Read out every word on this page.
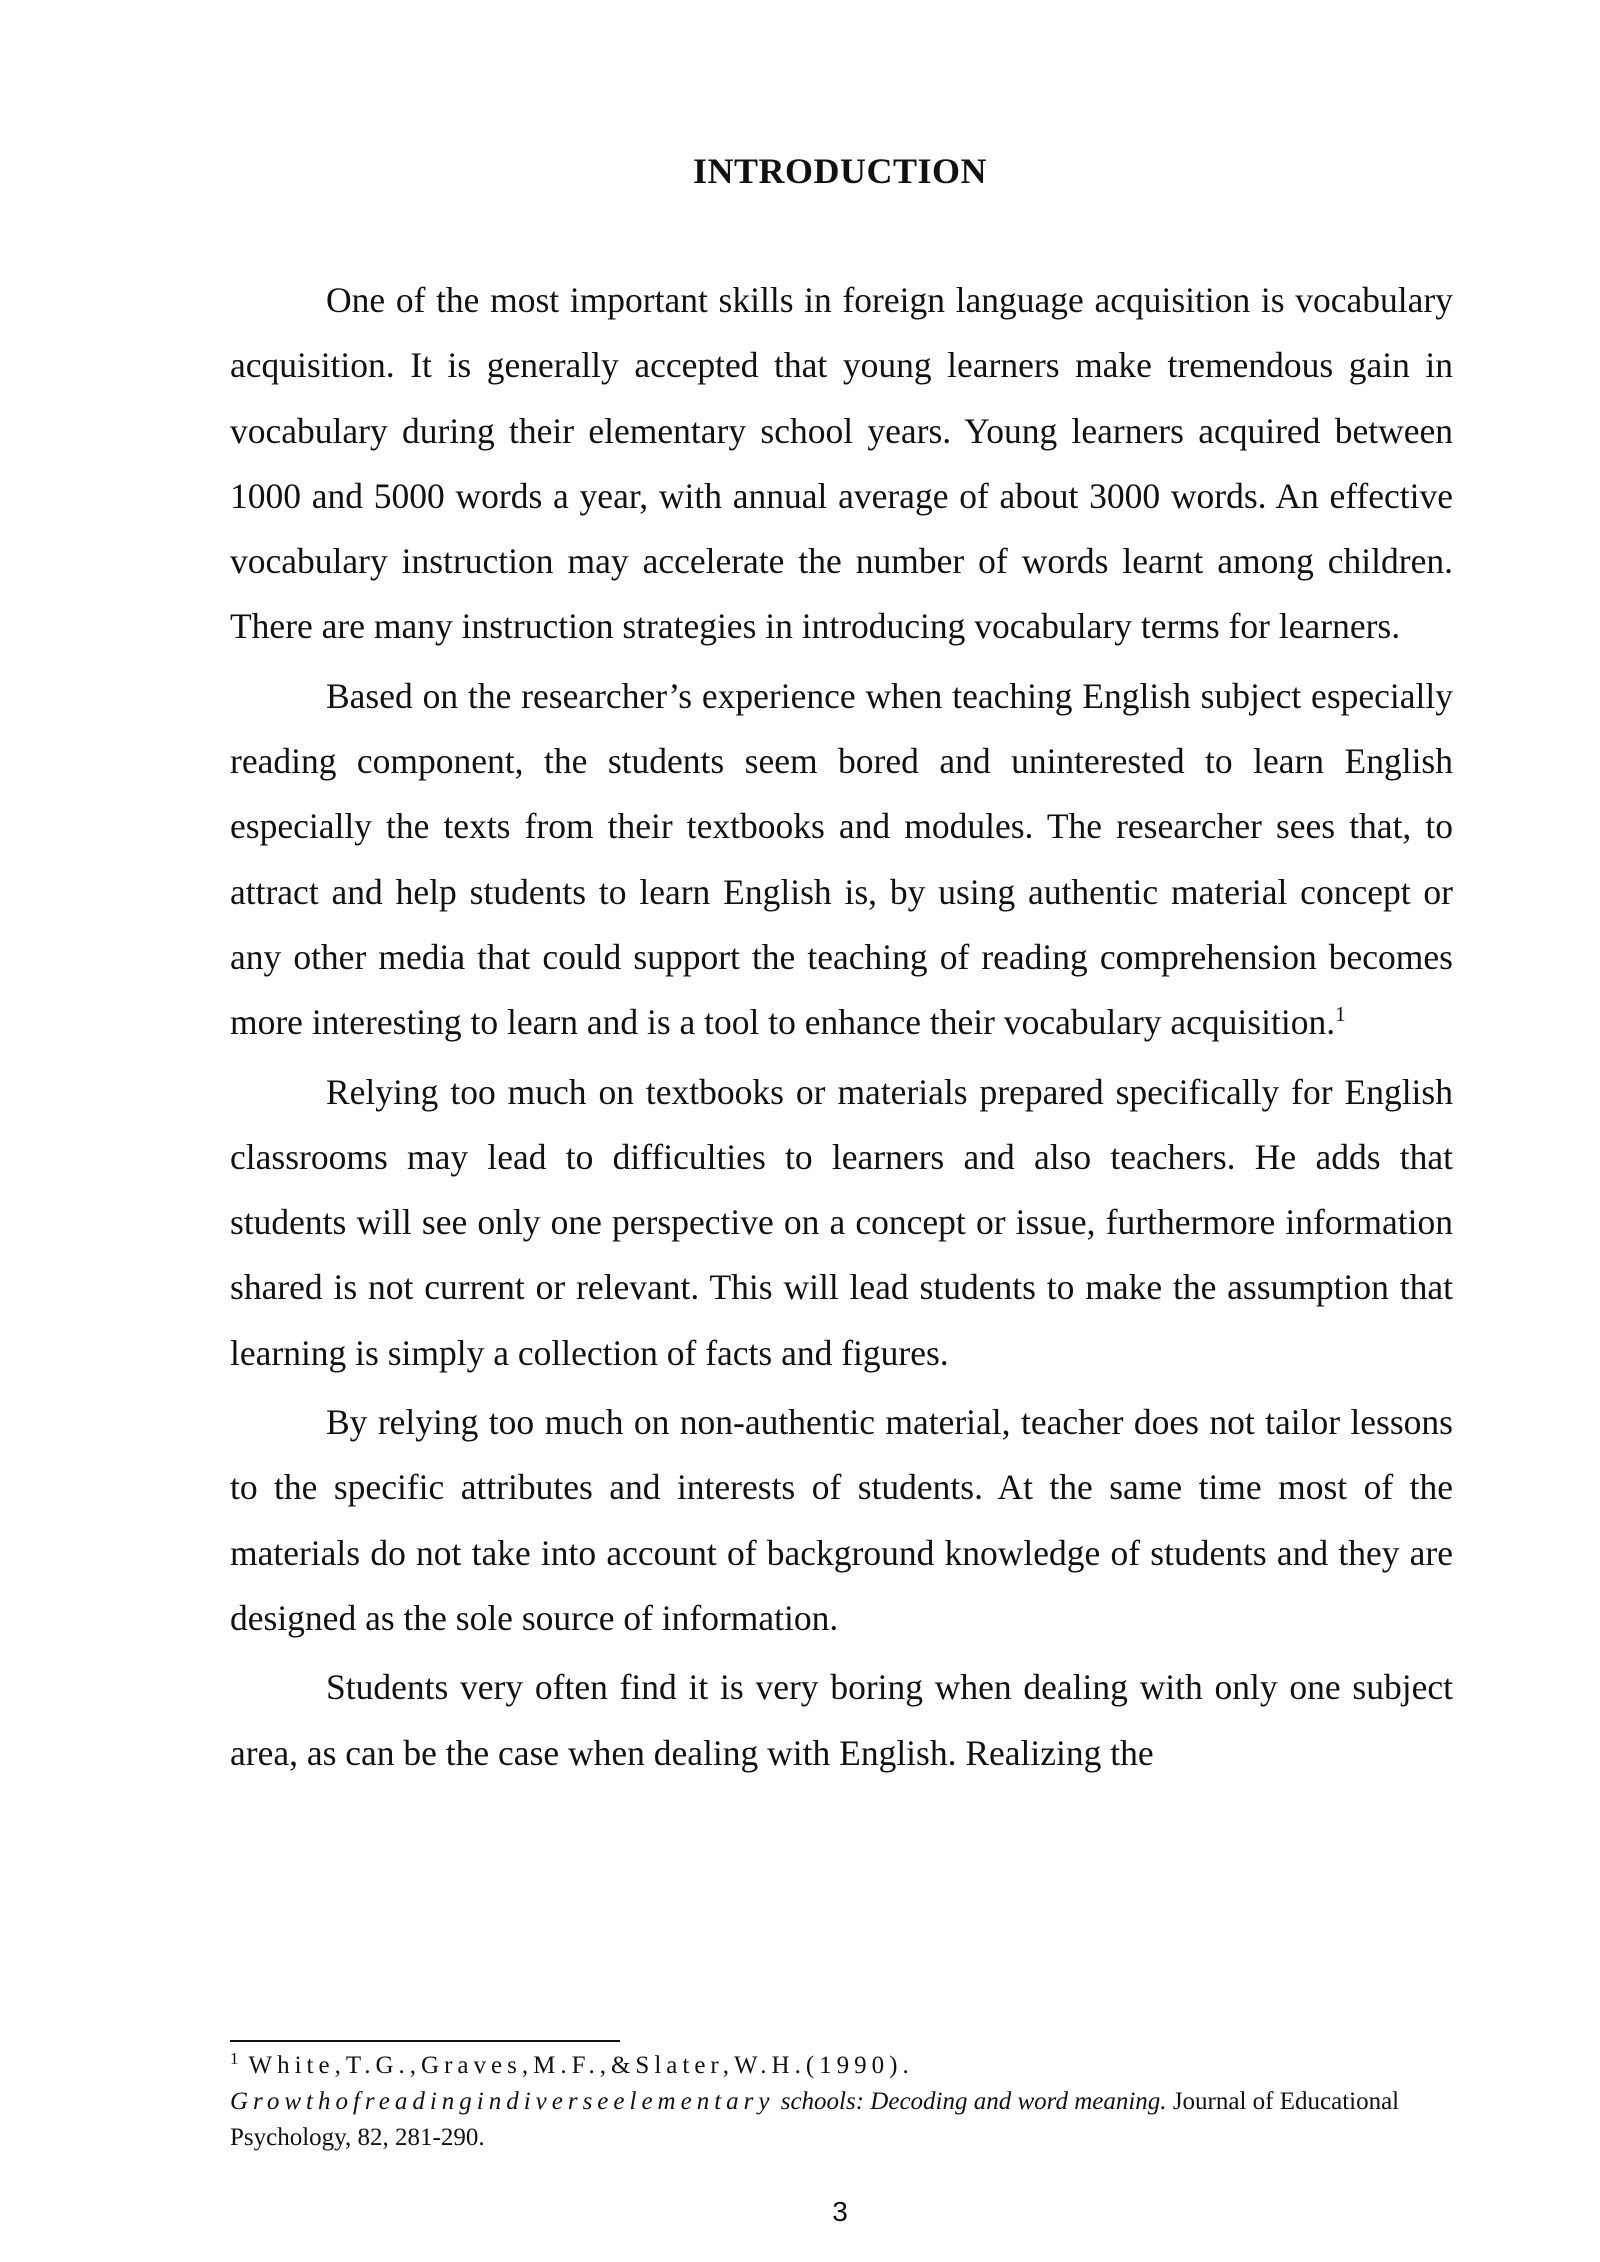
INTRODUCTION

One of the most important skills in foreign language acquisition is vocabulary acquisition. It is generally accepted that young learners make tremendous gain in vocabulary during their elementary school years. Young learners acquired between 1000 and 5000 words a year, with annual average of about 3000 words. An effective vocabulary instruction may accelerate the number of words learnt among children. There are many instruction strategies in introducing vocabulary terms for learners.

Based on the researcher’s experience when teaching English subject especially reading component, the students seem bored and uninterested to learn English especially the texts from their textbooks and modules. The researcher sees that, to attract and help students to learn English is, by using authentic material concept or any other media that could support the teaching of reading comprehension becomes more interesting to learn and is a tool to enhance their vocabulary acquisition.$^1$

Relying too much on textbooks or materials prepared specifically for English classrooms may lead to difficulties to learners and also teachers. He adds that students will see only one perspective on a concept or issue, furthermore information shared is not current or relevant. This will lead students to make the assumption that learning is simply a collection of facts and figures.

By relying too much on non-authentic material, teacher does not tailor lessons to the specific attributes and interests of students. At the same time most of the materials do not take into account of background knowledge of students and they are designed as the sole source of information.

Students very often find it is very boring when dealing with only one subject area, as can be the case when dealing with English. Realizing the

$^1$ White,T.G.,Graves,M.F.,&Slater,W.H.(1990). Growthofreadingindiverseelementary schools: Decoding and word meaning. Journal of Educational Psychology, 82, 281-290.
3
